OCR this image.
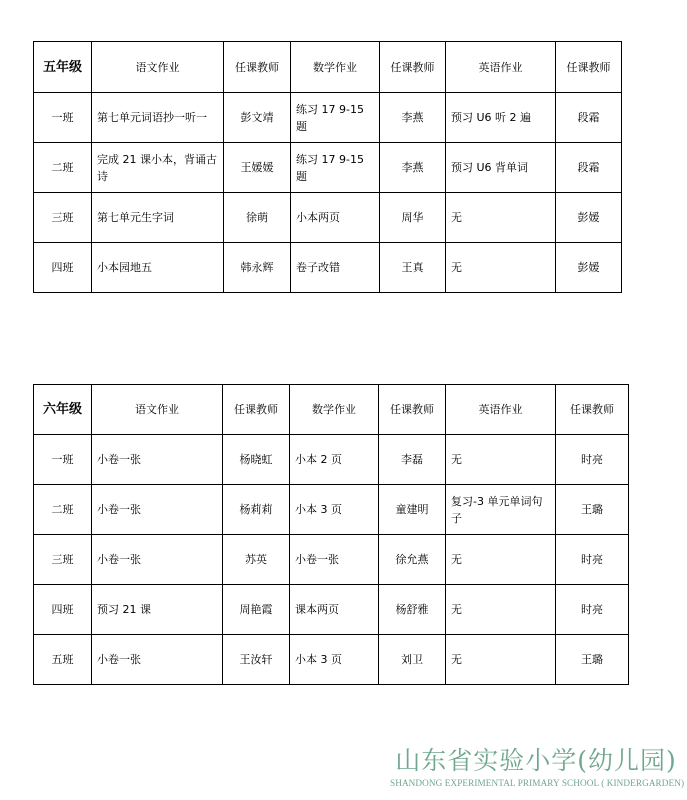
五年级	语文作业	任课教师	数学作业	任课教师	英语作业	任课教师
一班	第七单元词语抄一听一	彭文靖	练习 17 9-15 题	李燕	预习 U6 听 2 遍	段霜
二班	完成 21 课小本，背诵古诗	王媛媛	练习 17 9-15 题	李燕	预习 U6 背单词	段霜
三班	第七单元生字词	徐萌	小本两页	周华	无	彭媛
四班	小本园地五	韩永辉	卷子改错	王真	无	彭媛
六年级	语文作业	任课教师	数学作业	任课教师	英语作业	任课教师
一班	小卷一张	杨晓虹	小本 2 页	李磊	无	时亮
二班	小卷一张	杨莉莉	小本 3 页	童建明	复习-3 单元单词句子	王璐
三班	小卷一张	苏英	小卷一张	徐允燕	无	时亮
四班	预习 21 课	周艳霞	课本两页	杨舒雅	无	时亮
五班	小卷一张	王汝轩	小本 3 页	刘卫	无	王璐
山东省实验小学(幼儿园)
SHANDONG EXPERIMENTAL PRIMARY SCHOOL ( KINDERGARDEN)
